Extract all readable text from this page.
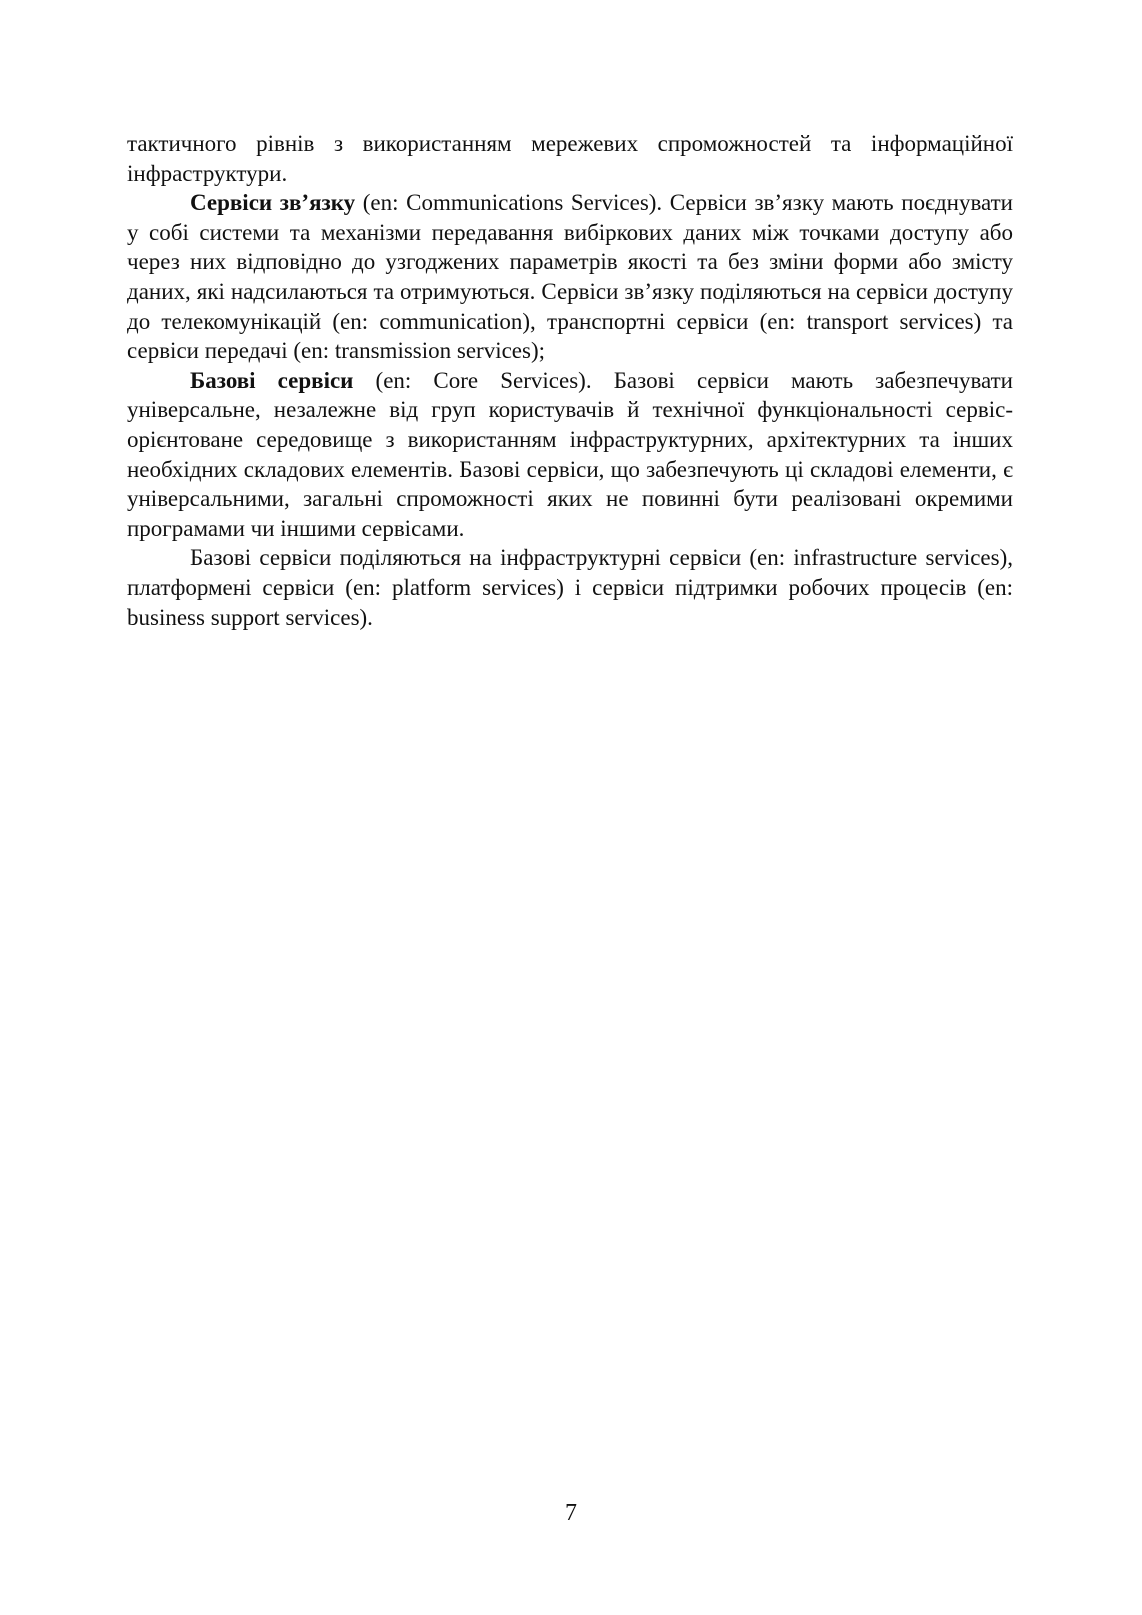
тактичного рівнів з використанням мережевих спроможностей та інформаційної інфраструктури.

Сервіси зв’язку (en: Communications Services). Сервіси зв’язку мають поєднувати у собі системи та механізми передавання вибіркових даних між точками доступу або через них відповідно до узгоджених параметрів якості та без зміни форми або змісту даних, які надсилаються та отримуються. Сервіси зв’язку поділяються на сервіси доступу до телекомунікацій (en: communication), транспортні сервіси (en: transport services) та сервіси передачі (en: transmission services);

Базові сервіси (en: Core Services). Базові сервіси мають забезпечувати універсальне, незалежне від груп користувачів й технічної функціональності сервіс-орієнтоване середовище з використанням інфраструктурних, архітектурних та інших необхідних складових елементів. Базові сервіси, що забезпечують ці складові елементи, є універсальними, загальні спроможності яких не повинні бути реалізовані окремими програмами чи іншими сервісами.

Базові сервіси поділяються на інфраструктурні сервіси (en: infrastructure services), платформені сервіси (en: platform services) і сервіси підтримки робочих процесів (en: business support services).

7
